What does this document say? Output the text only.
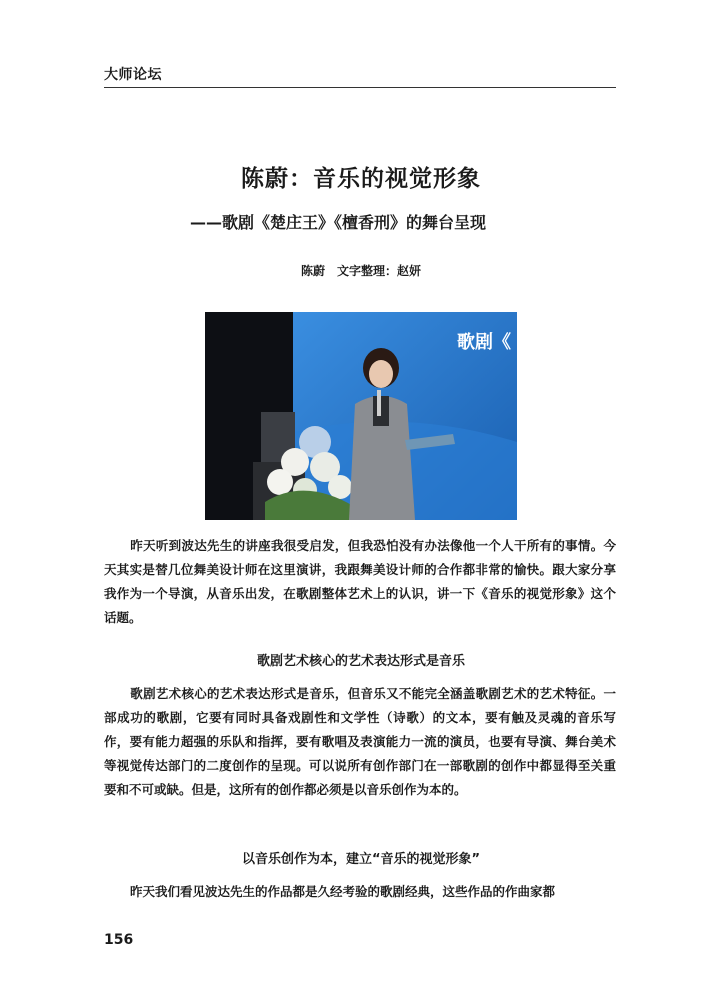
大师论坛
陈蔚：音乐的视觉形象
——歌剧《楚庄王》《檀香刑》的舞台呈现
陈蔚　文字整理：赵妍
歌剧《
昨天听到波达先生的讲座我很受启发，但我恐怕没有办法像他一个人干所有的事情。今天其实是替几位舞美设计师在这里演讲，我跟舞美设计师的合作都非常的愉快。跟大家分享我作为一个导演，从音乐出发，在歌剧整体艺术上的认识，讲一下《音乐的视觉形象》这个话题。
歌剧艺术核心的艺术表达形式是音乐
歌剧艺术核心的艺术表达形式是音乐，但音乐又不能完全涵盖歌剧艺术的艺术特征。一部成功的歌剧，它要有同时具备戏剧性和文学性（诗歌）的文本，要有触及灵魂的音乐写作，要有能力超强的乐队和指挥，要有歌唱及表演能力一流的演员，也要有导演、舞台美术等视觉传达部门的二度创作的呈现。可以说所有创作部门在一部歌剧的创作中都显得至关重要和不可或缺。但是，这所有的创作都必须是以音乐创作为本的。
以音乐创作为本，建立“音乐的视觉形象”
昨天我们看见波达先生的作品都是久经考验的歌剧经典，这些作品的作曲家都
156
